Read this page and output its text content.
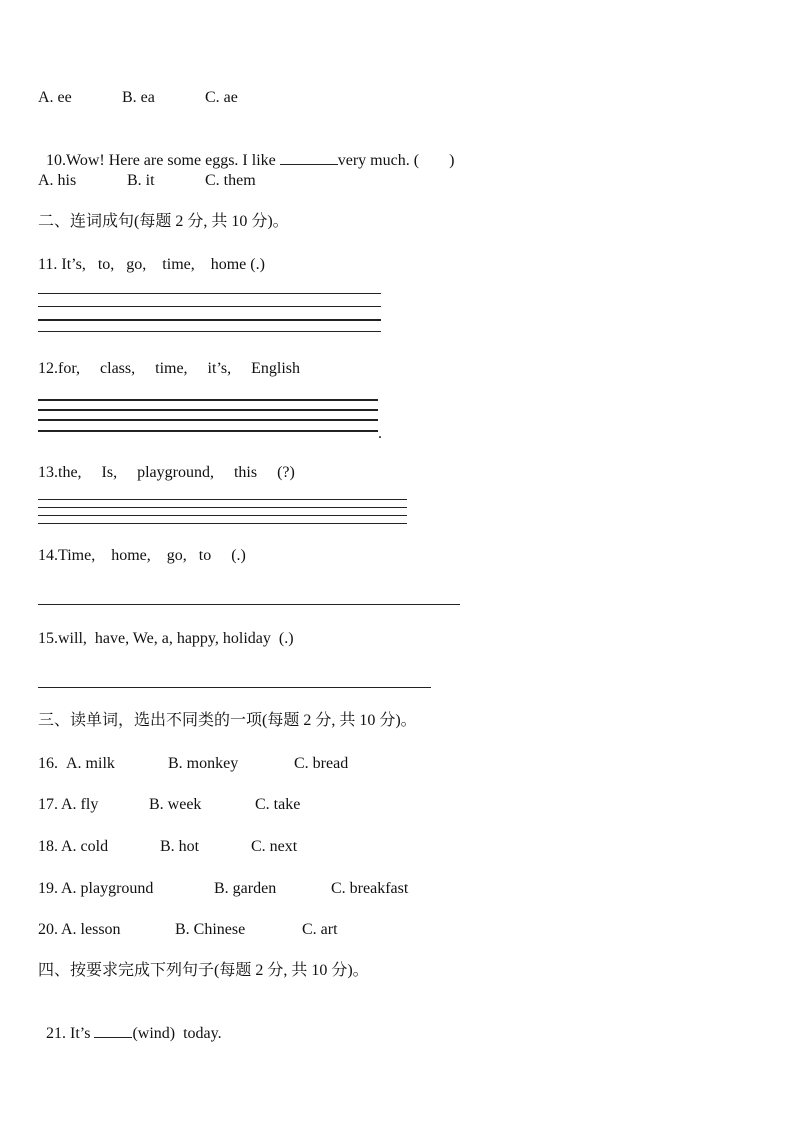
A. ee	B. ea	C. ae

10.Wow! Here are some eggs. I like	very much. ( )

A. his	B. it	C. them
二、连词成句(每题 2 分, 共 10 分)。
11. It’s,   to,   go,    time,    home (.)
12.for,     class,     time,     it’s,     English
.
13.the,     Is,     playground,     this     (?)
14.Time,    home,    go,   to     (.)
15.will,  have, We, a, happy, holiday  (.)
三、读单词，选出不同类的一项(每题 2 分, 共 10 分)。
16. A. milk	B. monkey	C. bread
17. A. fly	B. week	C. take
18. A. cold	B. hot	C. next
19. A. playground	B. garden	C. breakfast
20. A. lesson	B. Chinese	C. art
四、按要求完成下列句子(每题 2 分, 共 10 分)。

21. It’s (wind)  today.
